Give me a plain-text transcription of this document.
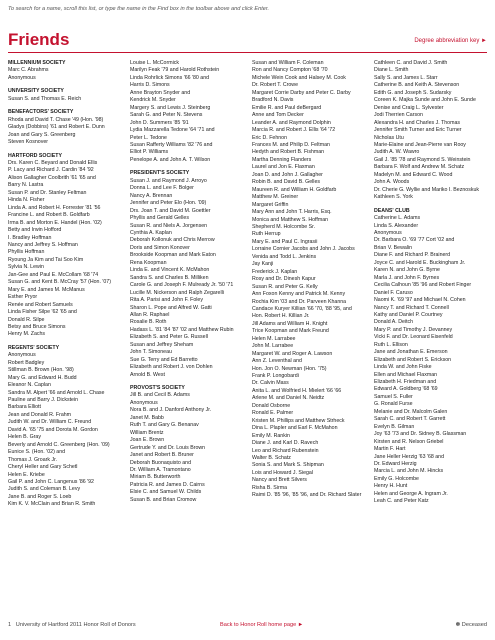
To search for a name, scroll this list, or type the name in the Find box in the toolbar above and click Enter.
Friends	Degree abbreviation key ►
MILLENNIUM SOCIETY
Marc C. Abrahms
Anonymous
UNIVERSITY SOCIETY
Susan S. and Thomas E. Reich
BENEFACTORS' SOCIETY
Rhoda and David T. Chase '49 (Hon. '98)
Gladys (Dobbins) '61 and Robert E. Dunn
Joan and Gary S. Greenberg
Steven Kosnover
HARTFORD SOCIETY
Drs. Karen C. Beyard and Donald Ellis
P. Lacy and Richard J. Cardin '84 '92
Alison Gallagher Coolbrith '61 '65 and
Barry N. Lastra
Susan P. and Dr. Stanley Feltman
Hinda N. Fisher
Linda A. and Robert H. Forrester '81 '56
Francine L. and Robert B. Goldfarb
Irma B. and Morton E. Handel (Hon. '02)
Betty and Irwin Hofford
I. Bradley Hoffman
Nancy and Jeffrey S. Hoffman
Phyllis Hoffman
Ryoung Ja Kim and Tai Soo Kim
Sylvia N. Lewin
Jan-Gee and Paul E. McCollam '68 '74
Susan G. and Kent B. McCray '57 (Hon. '07)
Mary E. and James M. McManus
Esther Pryor
Renée and Robert Samuels
Linda Fisher Silpe '62 '65 and
Donald R. Silpe
Betsy and Bruce Simons
Henry M. Zachs
REGENTS' SOCIETY
Anonymous
Robert Badgley
Stillman B. Brown (Hon. '98)
Mary G. and Edward H. Budd
Eleanor N. Caplan
Sandra M. Alpert '66 and Arnold L. Chase
Pauline and Barry J. Dickstein
Barbara Elliott
Jean and Donald R. Frahm
Judith W. and Dr. William C. Freund
David A. '65 '75 and Dorota M. Gordon
Helen B. Gray
Beverly and Arnold C. Greenberg (Hon. '09)
Eunice S. (Hon. '02) and
Thomas J. Groark Jr.
Cheryl Heller and Gary Schetl
Helen E. Kriebe
Gail P. and John C. Langenus '86 '92
Judith S. and Coleman B. Levy
Jane B. and Roger S. Loeb
Kim K. V. McClain and Brian R. Smith
Louise L. McCormick
Marilyn Feak '79 and Harold Rothstein
Linda Rohrlick Simons '66 '80 and
Harris D. Simons
Anne Brayton Snyder and
Kendrick M. Snyder
Margery S. and Lewis J. Steinberg
Sarah G. and Peter N. Stevens
John D. Summers '85 '91
Lydia Mazzarella Tedone '64 '71 and
Peter L. Tedone
Susan Rafferty Williams '82 '76 and
Elliot P. Williams
Penelope A. and John A. T. Wilson
PRESIDENT'S SOCIETY
Susan J. and Raymond J. Arroyo
Donna L. and Lee F. Bolger
Nancy A. Brennan
Jennifer and Peter Elo (Hon. '09)
Drs. Joan T. and David M. Goettler
Phyllis and Gerald Gelles
Susan R. and Niels A. Jorgensen
Cynthia A. Kaplan
Deborah Kollonuk and Chris Merrow
Doris and Simon Konover
Brookside Koopman and Mark Eaton
Rena Koopman
Linda E. and Vincent K. McMahon
Sandra S. and Charles B. Milliken
Carole G. and Joseph F. Mulready Jr. '50 '71
Lucille M. Nickerson and Ralph Zegarelli
Rita A. Parisi and John F. Foley
Sharon L. Pope and Alfred W. Gatti
Allan R. Raphael
Rosalie B. Roth
Hadass L. '81 '84 '87 '02 and Matthew Rubin
Elizabeth S. and Peter G. Russell
Susan and Jeffrey Sheham
John T. Simoneau
Sue G. Terry and Ed Barretto
Elizabeth and Robert J. von Dohlen
Arnold B. West
PROVOST'S SOCIETY
Jill B. and Cecil B. Adams
Anonymous
Nora B. and J. Danford Anthony Jr.
Janet M. Babb
Ruth T. and Gary G. Benanav
William Brentz
Joan E. Brown
Gertrude Y. and Dr. Louis Brown
Janet and Robert B. Bruner
Deborah Buonaquisto and
Dr. William A. Tramontano
Miriam B. Butterworth
Patricia R. and James D. Cairns
Elsie C. and Samuel W. Childs
Susan B. and Brian Cromow
Susan and William F. Coleman
Ron and Nancy Compton '68 '70
Michele Wein Cook and Halsey M. Cook
Dr. Robert T. Crowe
Margaret Corrie Darby and Peter C. Darby
Bradford N. Davis
Emilie R. and Paul deBergard
Anne and Tom Decker
Leander A. and Raymond Dolphin
Marcia R. and Robert J. Ellis '64 '72
Eric D. Fehnon
Frances M. and Philip D. Feltman
Hedyth and Robert B. Fishman
Martha Denning Flanders
Laurel and Jon E. Flaxman
Joan D. and John J. Gallagher
Robin B. and David B. Gelles
Maureen R. and William H. Goldfarb
Matthew M. Greiner
Margaret Griffin
Mary Ann and John T. Harris, Esq.
Monica and Matthew S. Hoffman
Shepherd M. Holcombe Sr.
Ruth Herrup
Mary E. and Paul C. Ingrasii
Lorraine Cornier Jacobs and John J. Jacobs
Venida and Todd L. Jenkins
Jay Kanji
Frederick J. Kaplan
Rosy and Dr. Dinesh Kapur
Susan R. and Peter G. Kelly
Ann Foxon Kenny and Patrick M. Kenny
Rochia Kim '03 and Dr. Parveen Khanna
Candace Kuryer Killian '66 '70, '88 '95, and
Hon. Robert H. Killian Jr.
Jill Adams and William H. Knight
Trice Koopman and Mark Freund
Helen M. Larrabee
John M. Larrabee
Margaret W. and Roger A. Lawson
Ann Z. Leventhal and
Hon. Jon O. Newman (Hon. '75)
Frank P. Longobardi
Dr. Calvin Mass
Anita L. and Wolfried H. Mielert '66 '66
Arlene M. and Daniel N. Neidtz
Donald Osborne
Ronald E. Palmer
Kristen M. Phillips and Matthew Strheck
Dina L. Plapler and Earl F. McMahon
Emily M. Rankin
Diane J. and Karl D. Ravech
Leo and Richard Rubenstein
Walter B. Schatz
Sonia S. and Mark S. Shipman
Lois and Howard J. Siegal
Nancy and Brett Silvers
Risha B. Sirma
Raimi D. '85 '96, '85 '96, and Dr. Richard Slater
Cathleen C. and David J. Smith
Diane L. Smith
Sally S. and James L. Starr
Catherine B. and Keith A. Stevenson
Edith G. and Joseph S. Sudarsky
Coreen K. Majka Sunde and John E. Sunde
Denise and Craig L. Sylvester
Jodi Therrien Carson
Alexandra H. and Charles J. Thomas
Jennifer Smith Turner and Eric Turner
Nicholas Utu
Marie-Elaine and Jean-Pierre van Rooy
Judith A. W. Wawro
Gail J. '85 '78 and Raymond S. Weinstein
Barbara F. Wolf and Andrew M. Schatz
Madelyn M. and Edward C. Wood
John A. Woods
Dr. Cherie G. Wyllie and Mariko I. Beznoskuk
Kathleen S. York
DEANS' CLUB
Catherine L. Adams
Linda S. Alexander
Anonymous
Dr. Barbara O. '69 '77 Cort '02 and
Brian V. Bewalin
Diane F. and Richard P. Brainerd
Joyce C. and Harold E. Buckingham Jr.
Karen N. and John G. Byrne
Marla J. and John F. Byrnes
Cecilia Calhoun '85 '96 and Robert Finger
Daniel F. Caruso
Naomi K. '69 '97 and Michael N. Cohen
Nancy T. and Richard T. Connell
Kathy and Daniel P. Courtney
Donald A. Deitch
Mary P. and Timothy J. Devanney
Vicki F. and Dr. Leonard Eisenfeld
Ruth L. Ellison
Jane and Jonathan E. Emerson
Elizabeth and Robert S. Erickson
Linda W. and John Fiske
Ellen and Michael Flaxman
Elizabeth H. Friedman and
Edward A. Goldberg '68 '69
Samuel S. Fuller
G. Ronald Furse
Melanie and Dr. Malcolm Galen
Sarah C. and Robert T. Garrett
Evelyn B. Gilman
Joy '63 '73 and Dr. Sidney B. Glassman
Kirsten and R. Nelson Griebel
Martin F. Hart
Jane Heller Herzig '63 '68 and
Dr. Edward Herzig
Marcia L. and John M. Hincks
Emily G. Holcombe
Henry H. Hunt
Helen and George A. Ingram Jr.
Leah C. and Peter Katz
1 University of Hartford 2011 Honor Roll of Donors	Back to Honor Roll home page ►	✽ Deceased
